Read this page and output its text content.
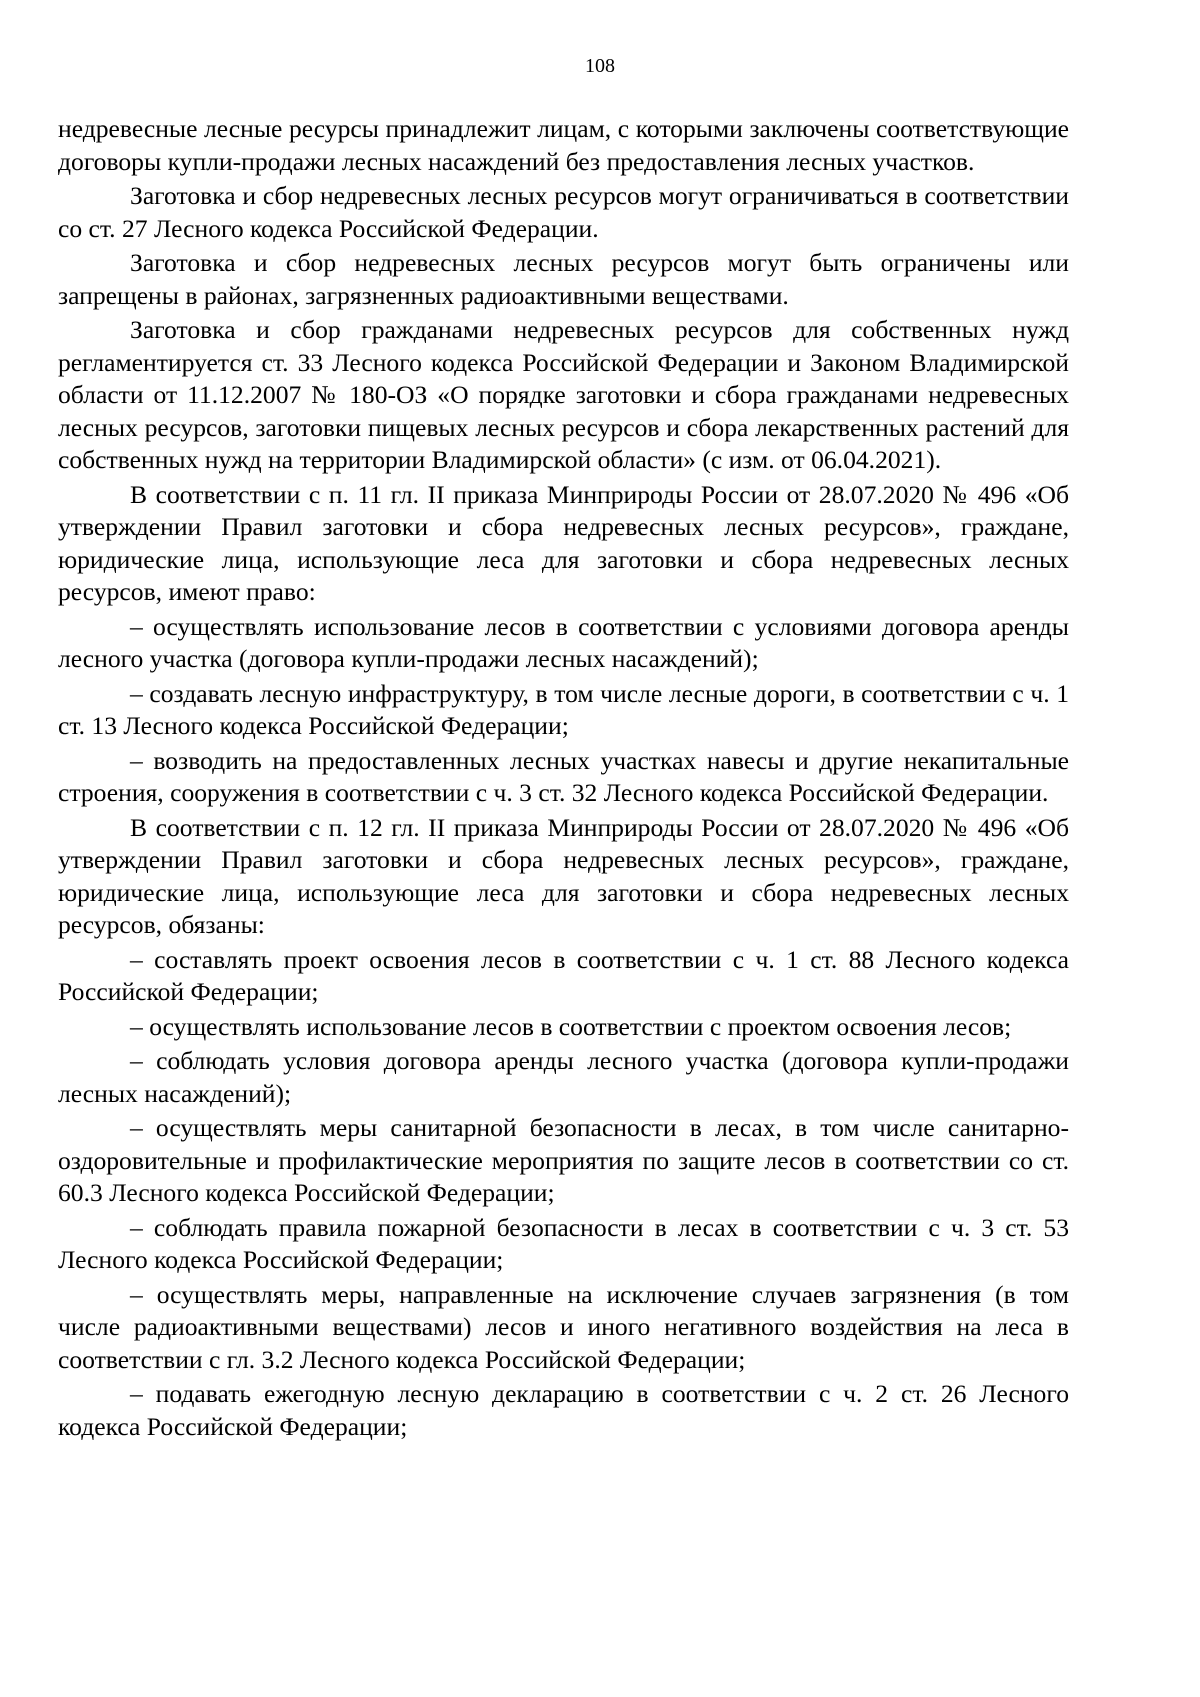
108

недревесные лесные ресурсы принадлежит лицам, с которыми заключены соответствующие договоры купли-продажи лесных насаждений без предоставления лесных участков.

Заготовка и сбор недревесных лесных ресурсов могут ограничиваться в соответствии со ст. 27 Лесного кодекса Российской Федерации.

Заготовка и сбор недревесных лесных ресурсов могут быть ограничены или запрещены в районах, загрязненных радиоактивными веществами.

Заготовка и сбор гражданами недревесных ресурсов для собственных нужд регламентируется ст. 33 Лесного кодекса Российской Федерации и Законом Владимирской области от 11.12.2007 № 180-ОЗ «О порядке заготовки и сбора гражданами недревесных лесных ресурсов, заготовки пищевых лесных ресурсов и сбора лекарственных растений для собственных нужд на территории Владимирской области» (с изм. от 06.04.2021).

В соответствии с п. 11 гл. II приказа Минприроды России от 28.07.2020 № 496 «Об утверждении Правил заготовки и сбора недревесных лесных ресурсов», граждане, юридические лица, использующие леса для заготовки и сбора недревесных лесных ресурсов, имеют право:

– осуществлять использование лесов в соответствии с условиями договора аренды лесного участка (договора купли-продажи лесных насаждений);

– создавать лесную инфраструктуру, в том числе лесные дороги, в соответствии с ч. 1 ст. 13 Лесного кодекса Российской Федерации;

– возводить на предоставленных лесных участках навесы и другие некапитальные строения, сооружения в соответствии с ч. 3 ст. 32 Лесного кодекса Российской Федерации.

В соответствии с п. 12 гл. II приказа Минприроды России от 28.07.2020 № 496 «Об утверждении Правил заготовки и сбора недревесных лесных ресурсов», граждане, юридические лица, использующие леса для заготовки и сбора недревесных лесных ресурсов, обязаны:

– составлять проект освоения лесов в соответствии с ч. 1 ст. 88 Лесного кодекса Российской Федерации;

– осуществлять использование лесов в соответствии с проектом освоения лесов;

– соблюдать условия договора аренды лесного участка (договора купли-продажи лесных насаждений);

– осуществлять меры санитарной безопасности в лесах, в том числе санитарно-оздоровительные и профилактические мероприятия по защите лесов в соответствии со ст. 60.3 Лесного кодекса Российской Федерации;

– соблюдать правила пожарной безопасности в лесах в соответствии с ч. 3 ст. 53 Лесного кодекса Российской Федерации;

– осуществлять меры, направленные на исключение случаев загрязнения (в том числе радиоактивными веществами) лесов и иного негативного воздействия на леса в соответствии с гл. 3.2 Лесного кодекса Российской Федерации;

– подавать ежегодную лесную декларацию в соответствии с ч. 2 ст. 26 Лесного кодекса Российской Федерации;
